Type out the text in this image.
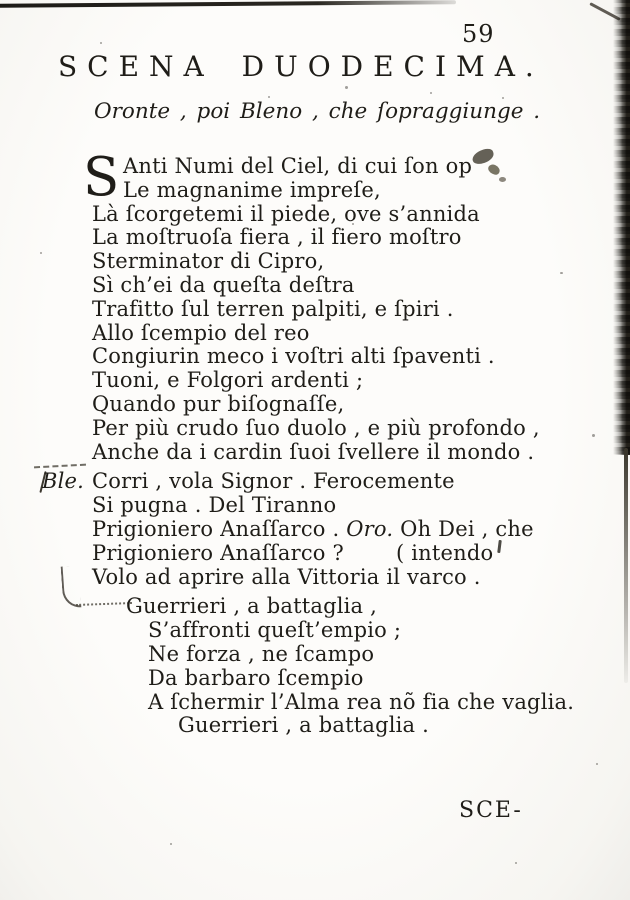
59
SCENA DUODECIMA.
Oronte , poi Bleno , che ſopraggiunge .
S Anti Numi del Ciel, di cui ſon op
Le magnanime impreſe,
Là ſcorgetemi il piede, ove s’annida
La moſtruoſa fiera , il fiero moſtro
Sterminator di Cipro,
Sì ch’ei da queſta deſtra
Trafitto ſul terren palpiti, e ſpiri .
Allo ſcempio del reo
Congiurin meco i voſtri alti ſpaventi .
Tuoni, e Folgori ardenti ;
Quando pur biſognaſſe,
Per più crudo ſuo duolo , e più profondo ,
Anche da i cardin ſuoi ſvellere il mondo .
Ble. Corri , vola Signor . Ferocemente
Si pugna . Del Tiranno
Prigioniero Anaſſarco . Oro. Oh Dei , che
Prigioniero Anaſſarco ? ( intendo
Volo ad aprire alla Vittoria il varco .
Guerrieri , a battaglia ,
S’affronti queſt’empio ;
Ne forza , ne ſcampo
Da barbaro ſcempio
A ſchermir l’Alma rea nõ fia che vaglia.
Guerrieri , a battaglia .
SCE-
